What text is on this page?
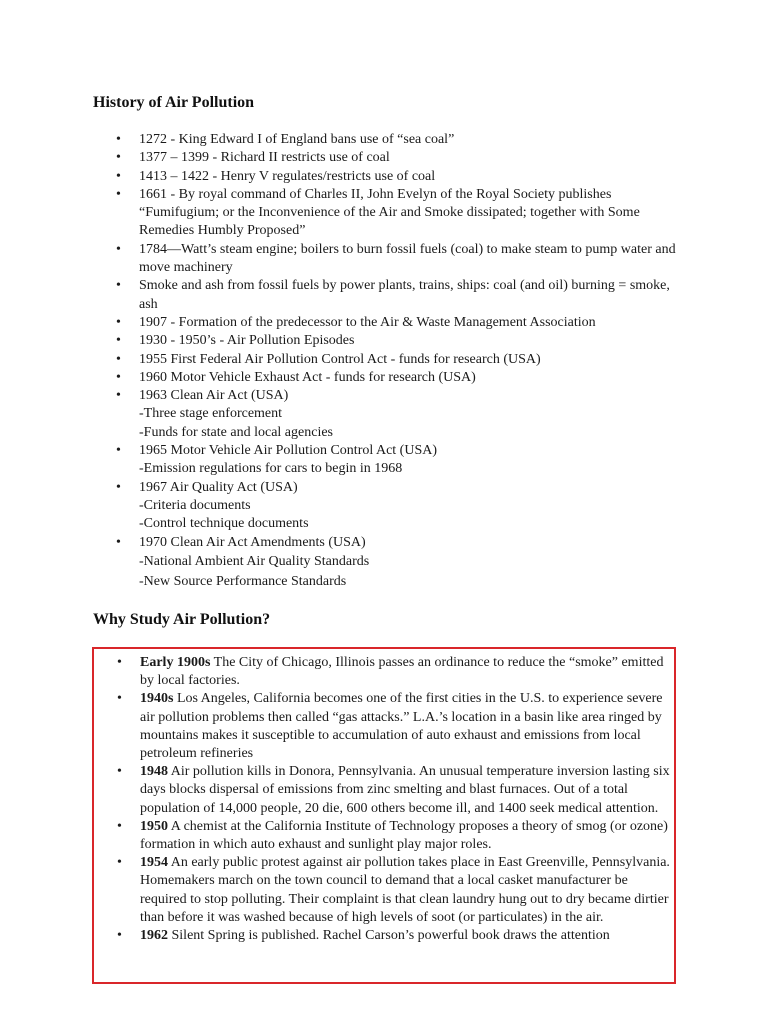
History of Air Pollution
• 1272 - King Edward I of England bans use of “sea coal”
• 1377 – 1399 - Richard II restricts use of coal
• 1413 – 1422 - Henry V regulates/restricts use of coal
• 1661 - By royal command of Charles II, John Evelyn of the Royal Society publishes “Fumifugium; or the Inconvenience of the Air and Smoke dissipated; together with Some Remedies Humbly Proposed”
• 1784—Watt’s steam engine; boilers to burn fossil fuels (coal) to make steam to pump water and move machinery
• Smoke and ash from fossil fuels by power plants, trains, ships: coal (and oil) burning = smoke, ash
• 1907 - Formation of the predecessor to the Air & Waste Management Association
• 1930 - 1950’s - Air Pollution Episodes
• 1955 First Federal Air Pollution Control Act - funds for research (USA)
• 1960 Motor Vehicle Exhaust Act - funds for research (USA)
• 1963 Clean Air Act (USA)
-Three stage enforcement
-Funds for state and local agencies
• 1965 Motor Vehicle Air Pollution Control Act (USA)
-Emission regulations for cars to begin in 1968
• 1967 Air Quality Act (USA)
-Criteria documents
-Control technique documents
• 1970 Clean Air Act Amendments (USA)
-National Ambient Air Quality Standards
-New Source Performance Standards
Why Study Air Pollution?
• Early 1900s The City of Chicago, Illinois passes an ordinance to reduce the “smoke” emitted by local factories.
• 1940s Los Angeles, California becomes one of the first cities in the U.S. to experience severe air pollution problems then called “gas attacks.” L.A.’s location in a basin like area ringed by mountains makes it susceptible to accumulation of auto exhaust and emissions from local petroleum refineries
• 1948 Air pollution kills in Donora, Pennsylvania. An unusual temperature inversion lasting six days blocks dispersal of emissions from zinc smelting and blast furnaces. Out of a total population of 14,000 people, 20 die, 600 others become ill, and 1400 seek medical attention.
• 1950 A chemist at the California Institute of Technology proposes a theory of smog (or ozone) formation in which auto exhaust and sunlight play major roles.
• 1954 An early public protest against air pollution takes place in East Greenville, Pennsylvania. Homemakers march on the town council to demand that a local casket manufacturer be required to stop polluting. Their complaint is that clean laundry hung out to dry became dirtier than before it was washed because of high levels of soot (or particulates) in the air.
• 1962 Silent Spring is published. Rachel Carson’s powerful book draws the attention
